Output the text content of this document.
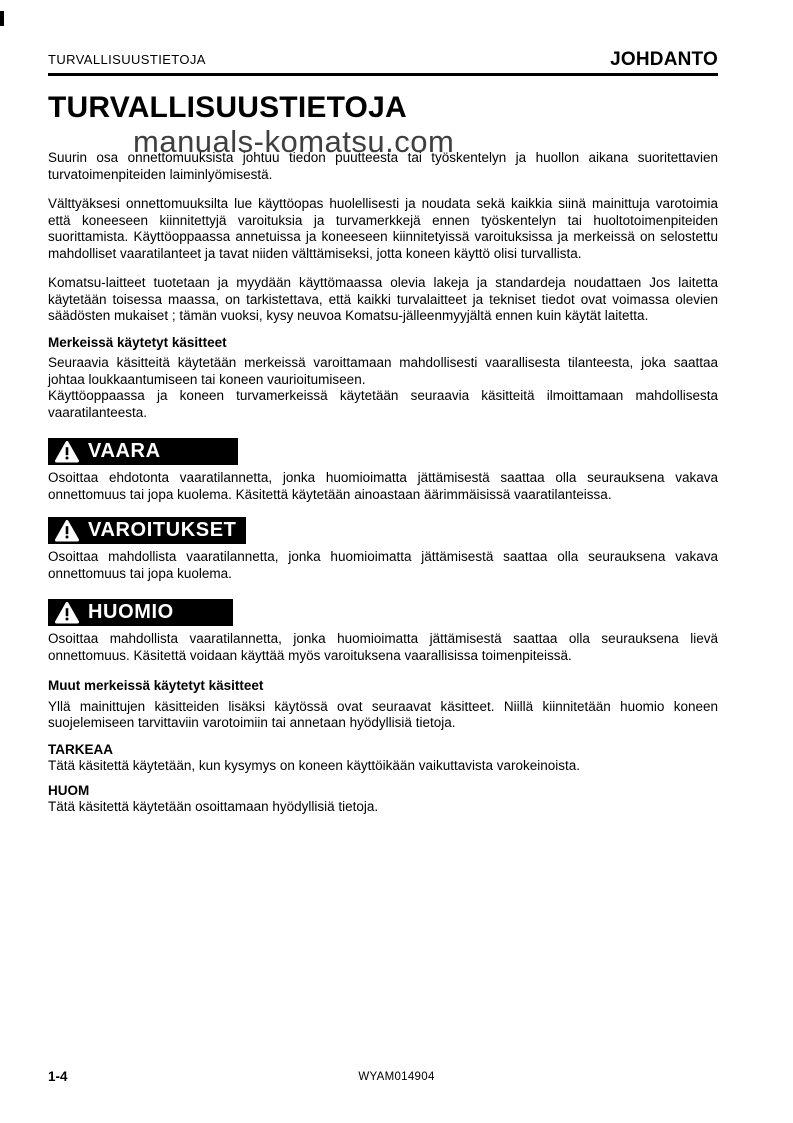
manuals-komatsu.com
TURVALLISUUSTIETOJA	JOHDANTO
TURVALLISUUSTIETOJA

Suurin osa onnettomuuksista johtuu tiedon puutteesta tai työskentelyn ja huollon aikana suoritettavien turvatoimenpiteiden laiminlyömisestä.

Välttyäksesi onnettomuuksilta lue käyttöopas huolellisesti ja noudata sekä kaikkia siinä mainittuja varotoimia että koneeseen kiinnitettyjä varoituksia ja turvamerkkejä ennen työskentelyn tai huoltotoimenpiteiden suorittamista. Käyttöoppaassa annetuissa ja koneeseen kiinnitetyissä varoituksissa ja merkeissä on selostettu mahdolliset vaaratilanteet ja tavat niiden välttämiseksi, jotta koneen käyttö olisi turvallista.

Komatsu-laitteet tuotetaan ja myydään käyttömaassa olevia lakeja ja standardeja noudattaen Jos laitetta käytetään toisessa maassa, on tarkistettava, että kaikki turvalaitteet ja tekniset tiedot ovat voimassa olevien säädösten mukaiset ; tämän vuoksi, kysy neuvoa Komatsu-jälleenmyyjältä ennen kuin käytät laitetta.

Merkeissä käytetyt käsitteet

Seuraavia käsitteitä käytetään merkeissä varoittamaan mahdollisesti vaarallisesta tilanteesta, joka saattaa johtaa loukkaantumiseen tai koneen vaurioitumiseen.

Käyttöoppaassa ja koneen turvamerkeissä käytetään seuraavia käsitteitä ilmoittamaan mahdollisesta vaaratilanteesta.

VAARA

Osoittaa ehdotonta vaaratilannetta, jonka huomioimatta jättämisestä saattaa olla seurauksena vakava onnettomuus tai jopa kuolema. Käsitettä käytetään ainoastaan äärimmäisissä vaaratilanteissa.

VAROITUKSET

Osoittaa mahdollista vaaratilannetta, jonka huomioimatta jättämisestä saattaa olla seurauksena vakava onnettomuus tai jopa kuolema.

HUOMIO

Osoittaa mahdollista vaaratilannetta, jonka huomioimatta jättämisestä saattaa olla seurauksena lievä onnettomuus. Käsitettä voidaan käyttää myös varoituksena vaarallisissa toimenpiteissä.

Muut merkeissä käytetyt käsitteet

Yllä mainittujen käsitteiden lisäksi käytössä ovat seuraavat käsitteet. Niillä kiinnitetään huomio koneen suojelemiseen tarvittaviin varotoimiin tai annetaan hyödyllisiä tietoja.

TARKEAA

Tätä käsitettä käytetään, kun kysymys on koneen käyttöikään vaikuttavista varokeinoista.

HUOM

Tätä käsitettä käytetään osoittamaan hyödyllisiä tietoja.

1-4	WYAM014904
